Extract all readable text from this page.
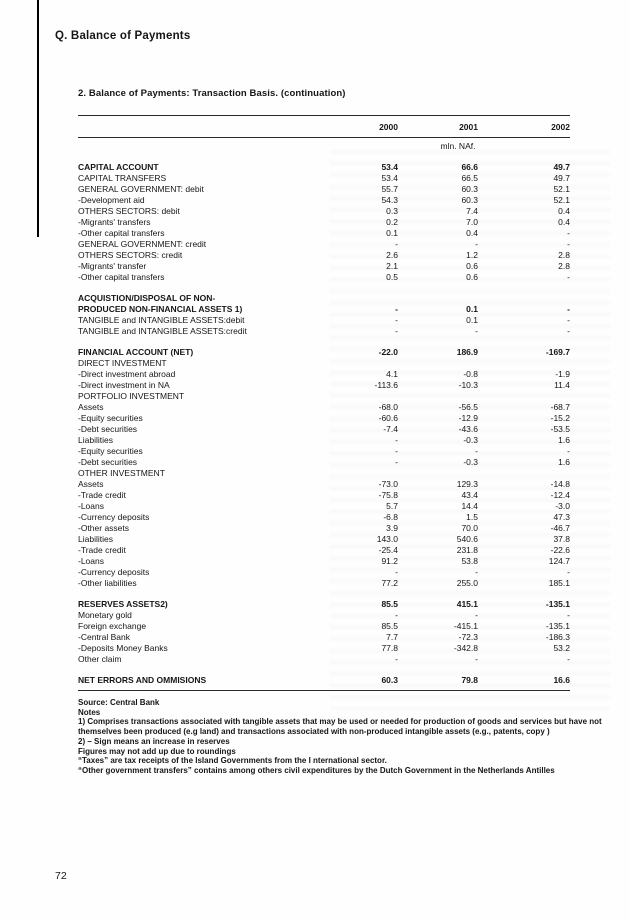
Q. Balance of Payments
2. Balance of Payments: Transaction Basis. (continuation)
2000	2001	2002
mln. NAf.
CAPITAL ACCOUNT	53.4	66.6	49.7
CAPITAL TRANSFERS	53.4	66.5	49.7
GENERAL GOVERNMENT: debit	55.7	60.3	52.1
-Development aid	54.3	60.3	52.1
OTHERS SECTORS: debit	0.3	7.4	0.4
-Migrants' transfers	0.2	7.0	0.4
-Other capital transfers	0.1	0.4	-
GENERAL GOVERNMENT: credit	-	-	-
OTHERS SECTORS: credit	2.6	1.2	2.8
-Migrants' transfer	2.1	0.6	2.8
-Other capital transfers	0.5	0.6	-
ACQUISTION/DISPOSAL OF NON-
PRODUCED NON-FINANCIAL ASSETS 1)	-	0.1	-
TANGIBLE and INTANGIBLE ASSETS:debit	-	0.1	-
TANGIBLE and INTANGIBLE ASSETS:credit	-	-	-
FINANCIAL ACCOUNT (NET)	-22.0	186.9	-169.7
DIRECT INVESTMENT
-Direct investment abroad	4.1	-0.8	-1.9
-Direct investment in NA	-113.6	-10.3	11.4
PORTFOLIO INVESTMENT
Assets	-68.0	-56.5	-68.7
-Equity securities	-60.6	-12.9	-15.2
-Debt securities	-7.4	-43.6	-53.5
Liabilities	-	-0.3	1.6
-Equity securities	-	-	-
-Debt securities	-	-0.3	1.6
OTHER INVESTMENT
Assets	-73.0	129.3	-14.8
-Trade credit	-75.8	43.4	-12.4
-Loans	5.7	14.4	-3.0
-Currency deposits	-6.8	1.5	47.3
-Other assets	3.9	70.0	-46.7
Liabilities	143.0	540.6	37.8
-Trade credit	-25.4	231.8	-22.6
-Loans	91.2	53.8	124.7
-Currency deposits	-	-	-
-Other liabilities	77.2	255.0	185.1
RESERVES ASSETS2)	85.5	415.1	-135.1
Monetary gold	-	-	-
Foreign exchange	85.5	-415.1	-135.1
-Central Bank	7.7	-72.3	-186.3
-Deposits Money Banks	77.8	-342.8	53.2
Other claim	-	-	-
NET ERRORS AND OMMISIONS	60.3	79.8	16.6
Source: Central Bank
Notes
1) Comprises transactions associated with tangible assets that may be used or needed for production of goods and services but have not themselves been produced (e.g land) and transactions associated with non-produced intangible assets (e.g., patents, copy )
2) – Sign means an increase in reserves
Figures may not add up due to roundings
“Taxes” are tax receipts of the Island Governments from the I nternational sector.
“Other government transfers” contains among others civil expenditures by the Dutch Government in the Netherlands Antilles
72
